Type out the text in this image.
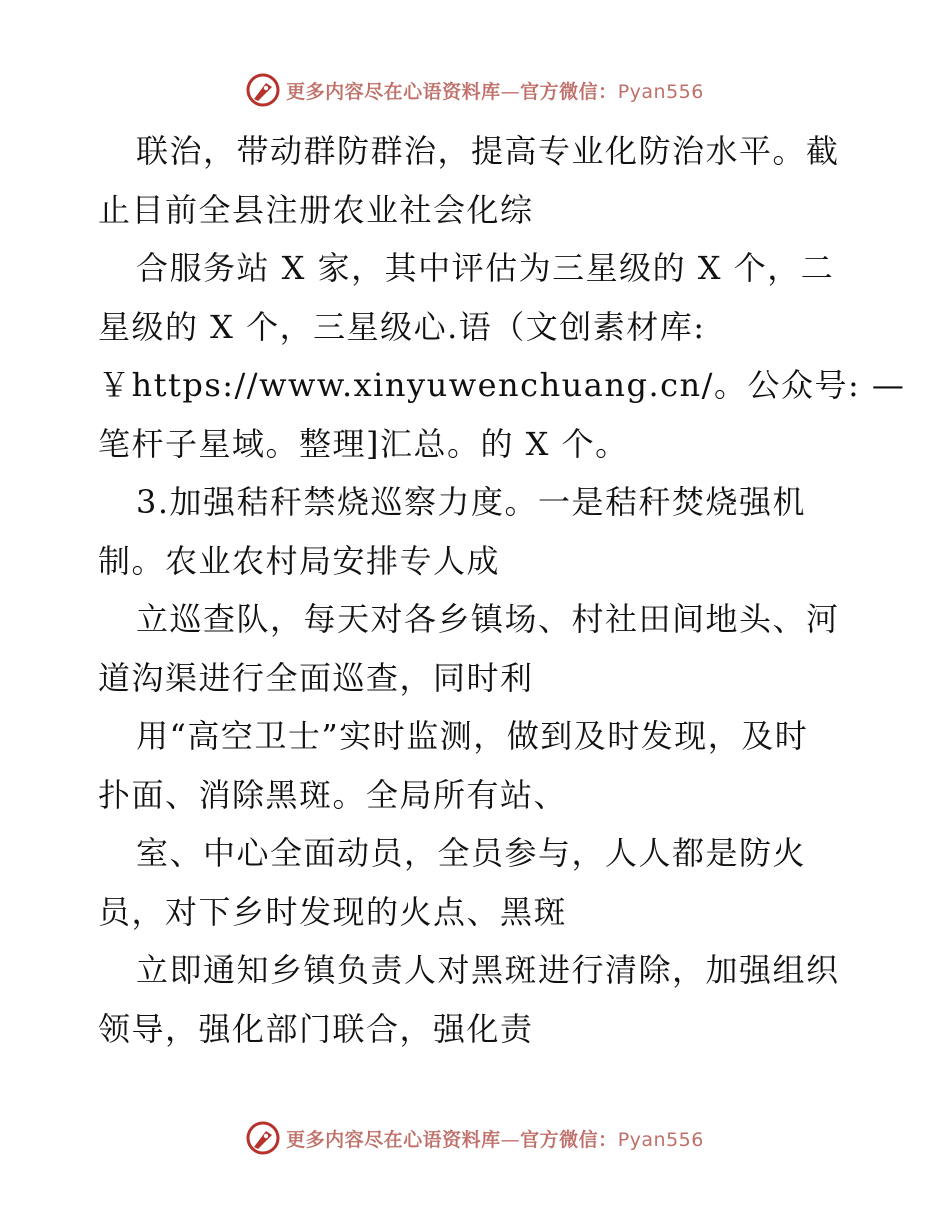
更多内容尽在心语资料库—官方微信：Pyan556
联治，带动群防群治，提高专业化防治水平。截
止目前全县注册农业社会化综
合服务站 X 家，其中评估为三星级的 X 个，二
星级的 X 个，三星级心.语（文创素材库:
￥https://www.xinyuwenchuang.cn/。公众号: —
笔杆子星域。整理]汇总。的 X 个。
3.加强秸秆禁烧巡察力度。一是秸秆焚烧强机
制。农业农村局安排专人成
立巡查队，每天对各乡镇场、村社田间地头、河
道沟渠进行全面巡查，同时利
用“高空卫士”实时监测，做到及时发现，及时
扑面、消除黑斑。全局所有站、
室、中心全面动员，全员参与，人人都是防火
员，对下乡时发现的火点、黑斑
立即通知乡镇负责人对黑斑进行清除，加强组织
领导，强化部门联合，强化责
更多内容尽在心语资料库—官方微信：Pyan556
